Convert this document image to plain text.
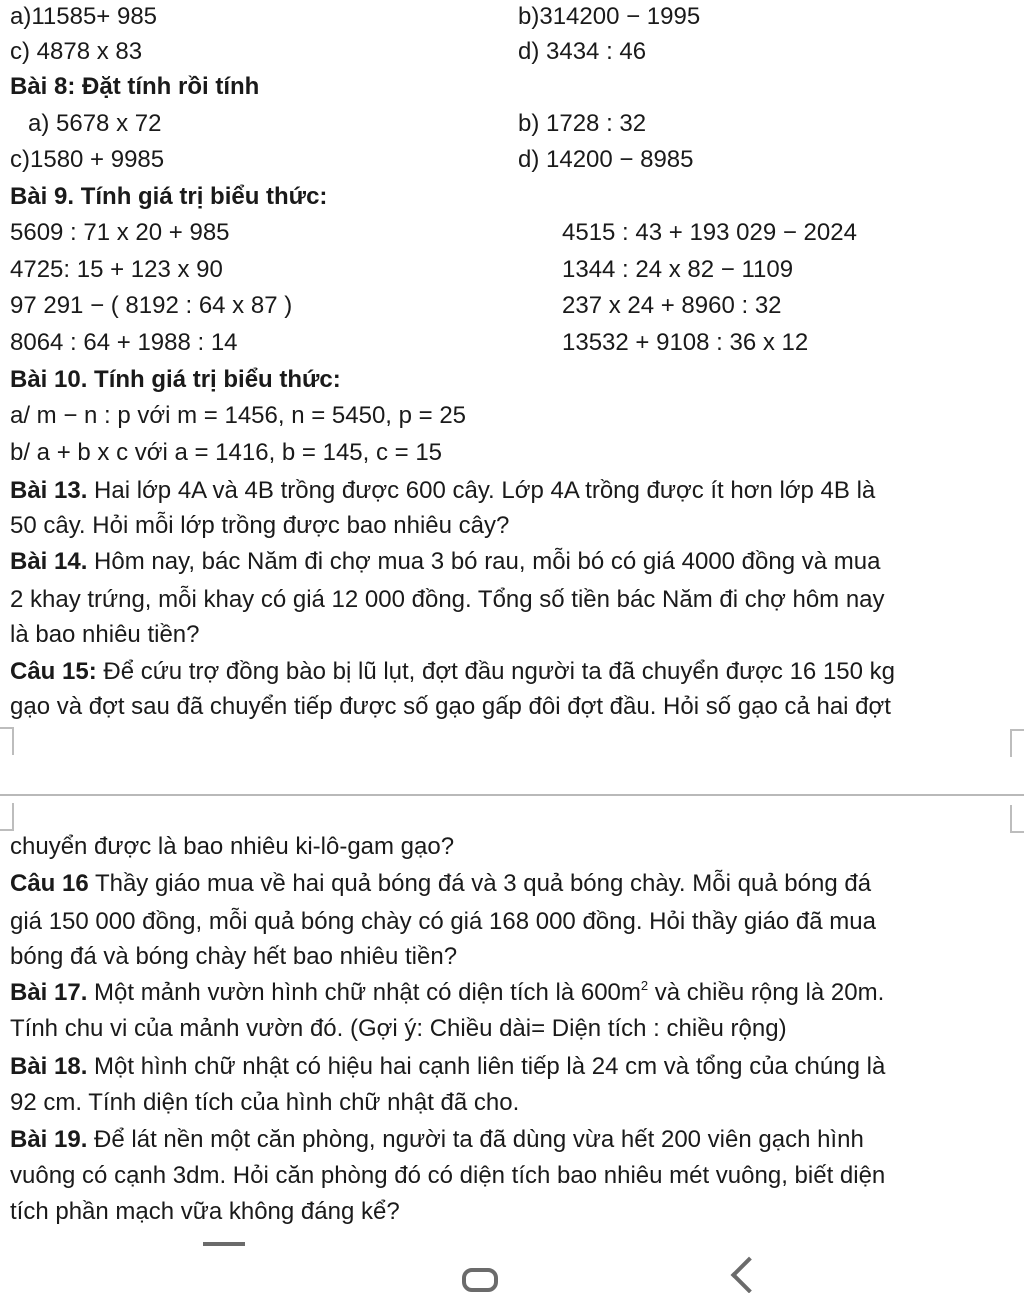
a)11585+ 985	b)314200 − 1995
c) 4878 x 83	d) 3434 : 46
Bài 8: Đặt tính rồi tính
a) 5678 x 72	b) 1728 : 32
c)1580 + 9985	d) 14200 − 8985
Bài 9. Tính giá trị biểu thức:
5609 : 71 x 20 + 985	4515 : 43 + 193 029 − 2024
4725: 15 + 123 x 90	1344 : 24 x 82 − 1109
97 291 − ( 8192 : 64 x 87 )	237 x 24 + 8960 : 32
8064 : 64 + 1988 : 14	13532 + 9108 : 36 x 12
Bài 10. Tính giá trị biểu thức:
a/ m − n : p với m = 1456, n = 5450, p = 25
b/ a + b x c với a = 1416, b = 145, c = 15
Bài 13. Hai lớp 4A và 4B trồng được 600 cây. Lớp 4A trồng được ít hơn lớp 4B là
50 cây. Hỏi mỗi lớp trồng được bao nhiêu cây?
Bài 14. Hôm nay, bác Năm đi chợ mua 3 bó rau, mỗi bó có giá 4000 đồng và mua
2 khay trứng, mỗi khay có giá 12 000 đồng. Tổng số tiền bác Năm đi chợ hôm nay
là bao nhiêu tiền?
Câu 15: Để cứu trợ đồng bào bị lũ lụt, đợt đầu người ta đã chuyển được 16 150 kg
gạo và đợt sau đã chuyển tiếp được số gạo gấp đôi đợt đầu. Hỏi số gạo cả hai đợt
chuyển được là bao nhiêu ki-lô-gam gạo?
Câu 16 Thầy giáo mua về hai quả bóng đá và 3 quả bóng chày. Mỗi quả bóng đá
giá 150 000 đồng, mỗi quả bóng chày có giá 168 000 đồng. Hỏi thầy giáo đã mua
bóng đá và bóng chày hết bao nhiêu tiền?
Bài 17. Một mảnh vườn hình chữ nhật có diện tích là $600m^2$ và chiều rộng là 20m.
Tính chu vi của mảnh vườn đó. (Gợi ý: Chiều dài= Diện tích : chiều rộng)
Bài 18. Một hình chữ nhật có hiệu hai cạnh liên tiếp là 24 cm và tổng của chúng là
92 cm. Tính diện tích của hình chữ nhật đã cho.
Bài 19. Để lát nền một căn phòng, người ta đã dùng vừa hết 200 viên gạch hình
vuông có cạnh 3dm. Hỏi căn phòng đó có diện tích bao nhiêu mét vuông, biết diện
tích phần mạch vữa không đáng kể?
